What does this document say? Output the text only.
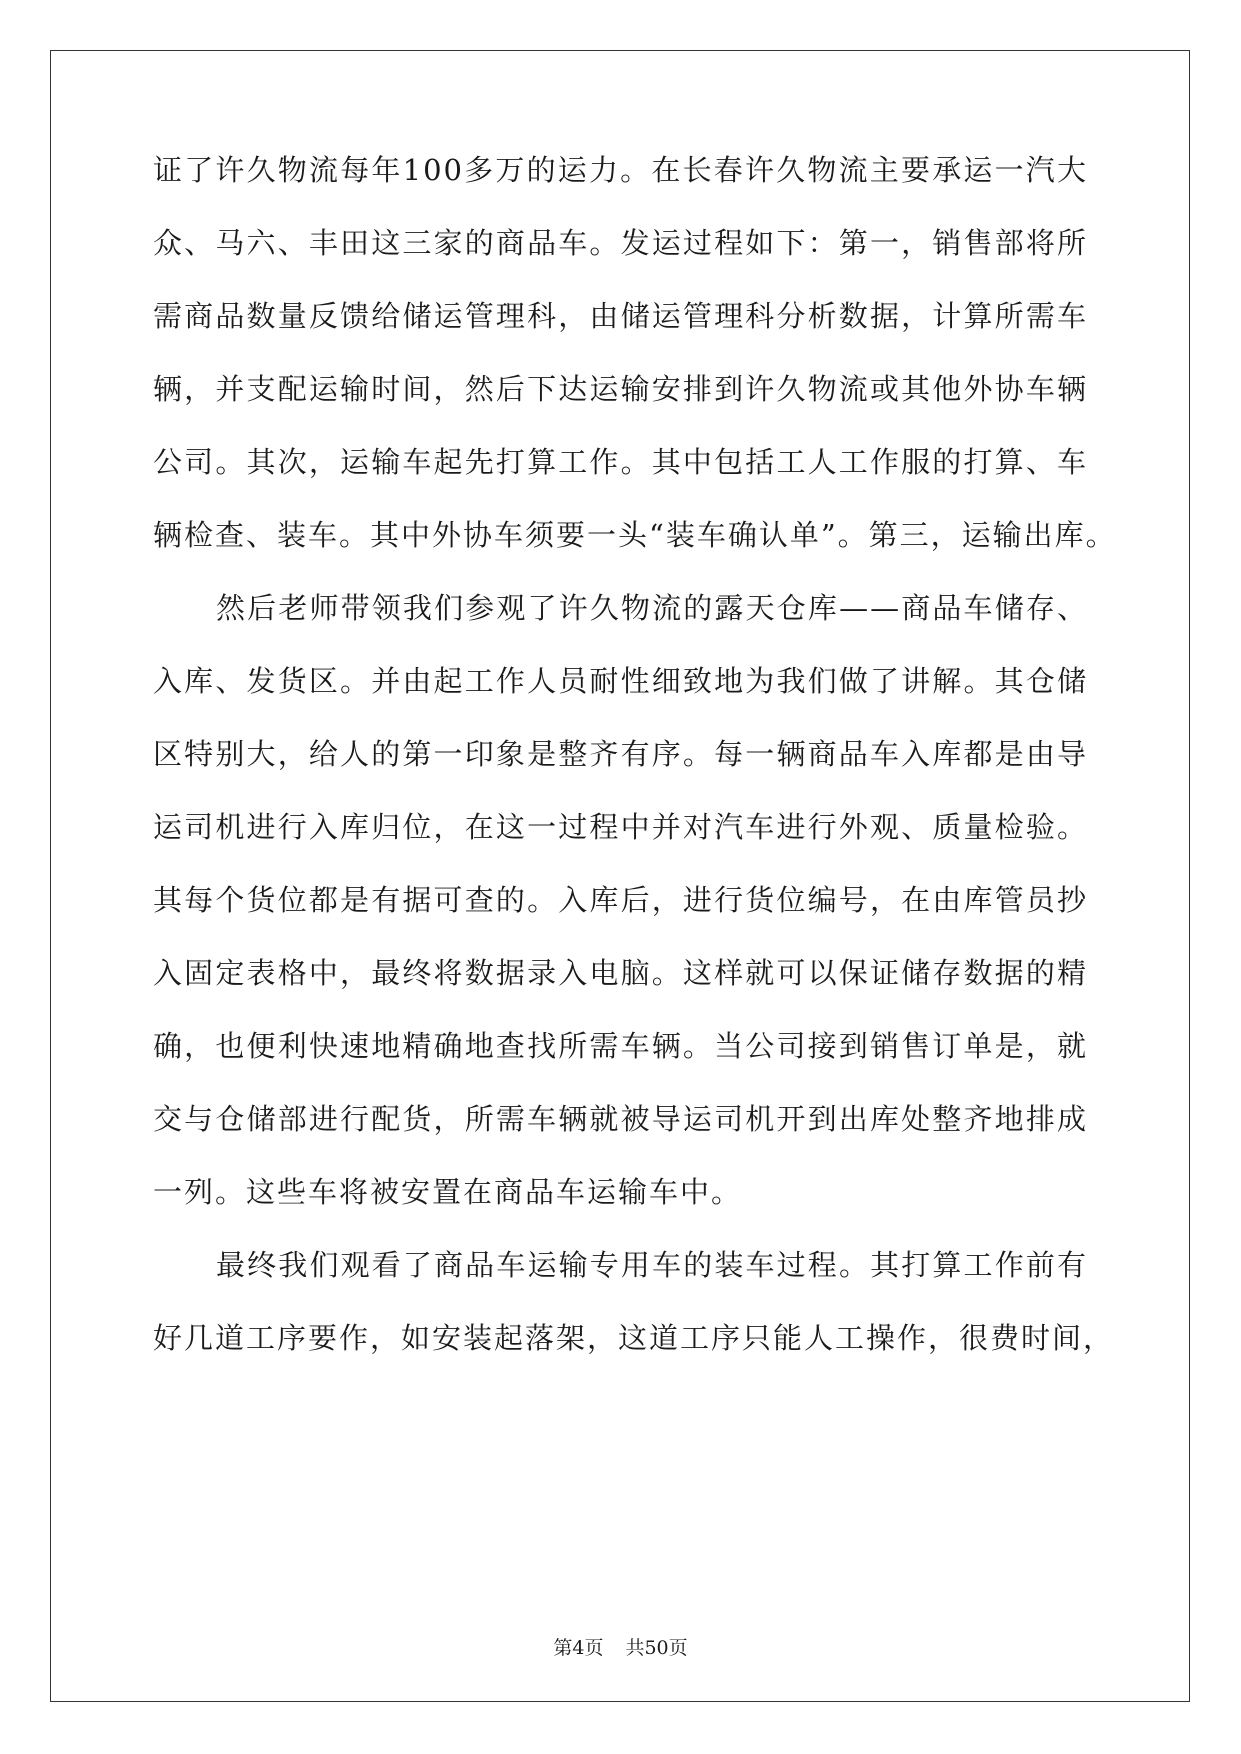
证了许久物流每年100多万的运力。在长春许久物流主要承运一汽大
众、马六、丰田这三家的商品车。发运过程如下：第一，销售部将所
需商品数量反馈给储运管理科，由储运管理科分析数据，计算所需车
辆，并支配运输时间，然后下达运输安排到许久物流或其他外协车辆
公司。其次，运输车起先打算工作。其中包括工人工作服的打算、车
辆检查、装车。其中外协车须要一头“装车确认单”。第三，运输出库。
然后老师带领我们参观了许久物流的露天仓库——商品车储存、
入库、发货区。并由起工作人员耐性细致地为我们做了讲解。其仓储
区特别大，给人的第一印象是整齐有序。每一辆商品车入库都是由导
运司机进行入库归位，在这一过程中并对汽车进行外观、质量检验。
其每个货位都是有据可查的。入库后，进行货位编号，在由库管员抄
入固定表格中，最终将数据录入电脑。这样就可以保证储存数据的精
确，也便利快速地精确地查找所需车辆。当公司接到销售订单是，就
交与仓储部进行配货，所需车辆就被导运司机开到出库处整齐地排成
一列。这些车将被安置在商品车运输车中。
最终我们观看了商品车运输专用车的装车过程。其打算工作前有
好几道工序要作，如安装起落架，这道工序只能人工操作，很费时间，
第4页 共50页
